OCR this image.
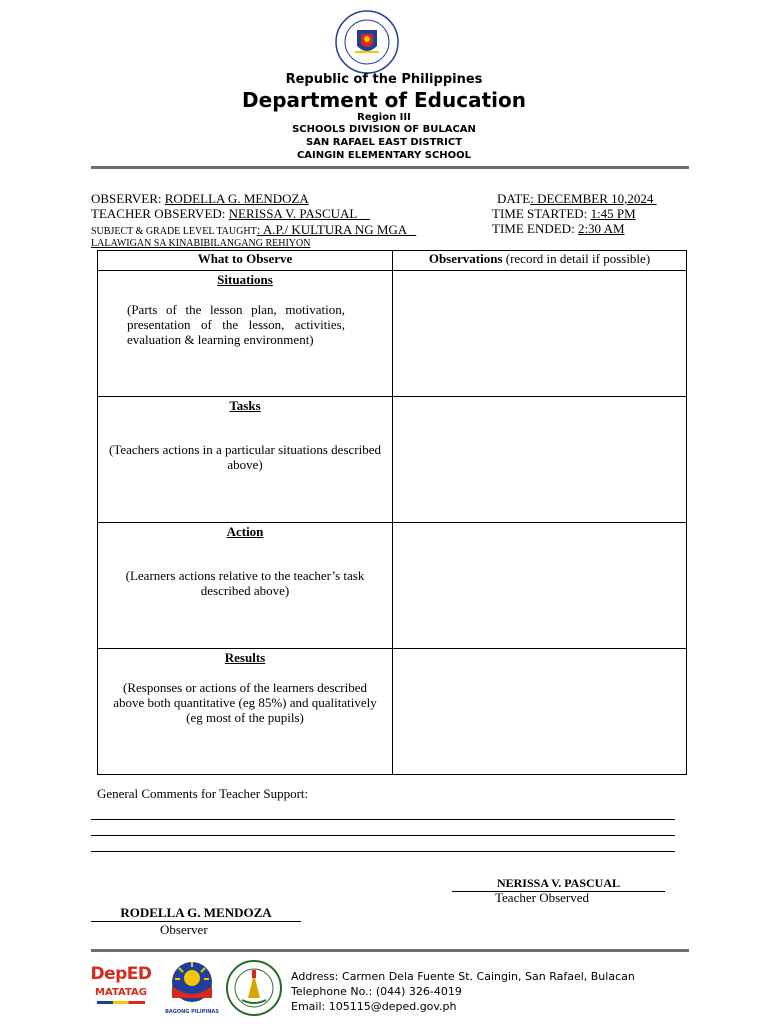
Republic of the Philippines
Department of Education
Region III
SCHOOLS DIVISION OF BULACAN
SAN RAFAEL EAST DISTRICT
CAINGIN ELEMENTARY SCHOOL
OBSERVER: RODELLA G. MENDOZA	DATE: DECEMBER 10,2024
TEACHER OBSERVED: NERISSA V. PASCUAL	TIME STARTED: 1:45 PM
SUBJECT & GRADE LEVEL TAUGHT: A.P./ KULTURA NG MGA	TIME ENDED: 2:30 AM
LALAWIGAN SA KINABIBILANGANG REHIYON
What to Observe	Observations (record in detail if possible)

Situations
(Parts of the lesson plan, motivation, presentation of the lesson, activities, evaluation & learning environment)	

Tasks
(Teachers actions in a particular situations described above)	

Action
(Learners actions relative to the teacher’s task described above)	

Results
(Responses or actions of the learners described above both quantitative (eg 85%) and qualitatively (eg most of the pupils)	

General Comments for Teacher Support:
NERISSA V. PASCUAL
Teacher Observed
RODELLA G. MENDOZA
Observer
DepED
MATATAG
BAGONG PILIPINAS
Address: Carmen Dela Fuente St. Caingin, San Rafael, Bulacan
Telephone No.: (044) 326-4019
Email: 105115@deped.gov.ph
